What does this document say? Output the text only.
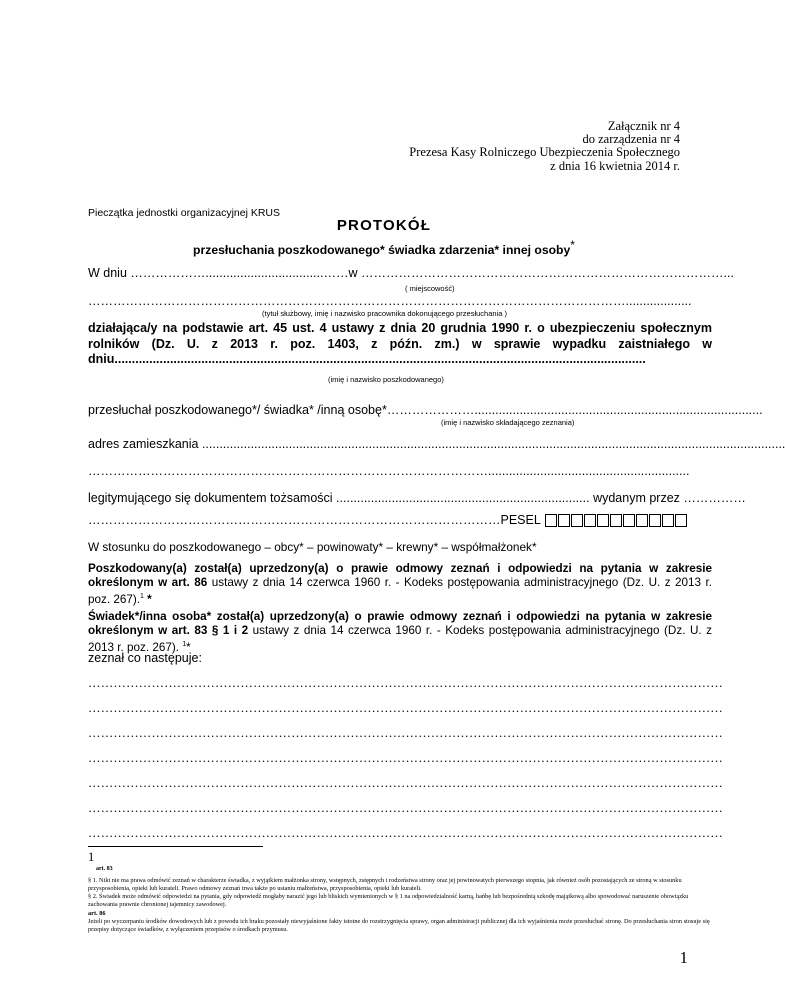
Załącznik nr 4
do zarządzenia nr 4
Prezesa Kasy Rolniczego Ubezpieczenia Społecznego
z dnia 16 kwietnia 2014 r.
Pieczątka jednostki organizacyjnej KRUS
PROTOKÓŁ
przesłuchania poszkodowanego* świadka zdarzenia* innej osoby*
W dniu ………………..................................……w ……………………………………………………………………………...
( miejscowość)
…………………………………………………………………………………………………………………...................
(tytuł służbowy, imię i nazwisko pracownika dokonującego przesłuchania )
działająca/y na podstawie art. 45 ust. 4 ustawy z dnia 20 grudnia 1990 r. o ubezpieczeniu społecznym rolników (Dz. U. z 2013 r. poz. 1403, z późn. zm.) w sprawie wypadku zaistniałego w dniu.........................................................................................................................................................
(imię i nazwisko poszkodowanego)
przesłuchał poszkodowanego*/ świadka* /inną osobę*…………………...................................................................................
(imię i nazwisko składającego zeznania)
adres zamieszkania ........................................................................................................................................................................
……………………………………………………………………………………..........................................................
legitymującego się dokumentem tożsamości ......................................................................... wydanym przez ……………
………………………………………………………………………………………PESEL
W stosunku do poszkodowanego – obcy* – powinowaty* – krewny* – współmałżonek*
Poszkodowany(a) został(a) uprzedzony(a) o prawie odmowy zeznań i odpowiedzi na pytania w zakresie określonym w art. 86 ustawy z dnia 14 czerwca 1960 r. - Kodeks postępowania administracyjnego (Dz. U. z 2013 r. poz. 267).$^1$ *
Świadek*/inna osoba* został(a) uprzedzony(a) o prawie odmowy zeznań i odpowiedzi na pytania w zakresie określonym w art. 83 § 1 i 2 ustawy z dnia 14 czerwca 1960 r. - Kodeks postępowania administracyjnego (Dz. U. z 2013 r. poz. 267). $^1$*
zeznał co następuje:
……………………………………………………………………………………………………………………………………
……………………………………………………………………………………………………………………………………
……………………………………………………………………………………………………………………………………
……………………………………………………………………………………………………………………………………
……………………………………………………………………………………………………………………………………
……………………………………………………………………………………………………………………………………
……………………………………………………………………………………………………………………………………
1
art. 83
§ 1. Nikt nie ma prawa odmówić zeznań w charakterze świadka, z wyjątkiem małżonka strony, wstępnych, zstępnych i rodzeństwa strony oraz jej powinowatych pierwszego stopnia, jak również osób pozostających ze stroną w stosunku przysposobienia, opieki lub kurateli. Prawo odmowy zeznań trwa także po ustaniu małżeństwa, przysposobienia, opieki lub kurateli.
§ 2. Świadek może odmówić odpowiedzi na pytania, gdy odpowiedź mogłaby narazić jego lub bliskich wymienionych w § 1 na odpowiedzialność karną, hańbę lub bezpośrednią szkodę majątkową albo spowodować naruszenie obowiązku zachowania prawnie chronionej tajemnicy zawodowej.
art. 86
Jeżeli po wyczerpaniu środków dowodowych lub z powodu ich braku pozostały niewyjaśnione fakty istotne do rozstrzygnięcia sprawy, organ administracji publicznej dla ich wyjaśnienia może przesłuchać stronę. Do przesłuchania stron stosuje się przepisy dotyczące świadków, z wyłączeniem przepisów o środkach przymusu.
1
